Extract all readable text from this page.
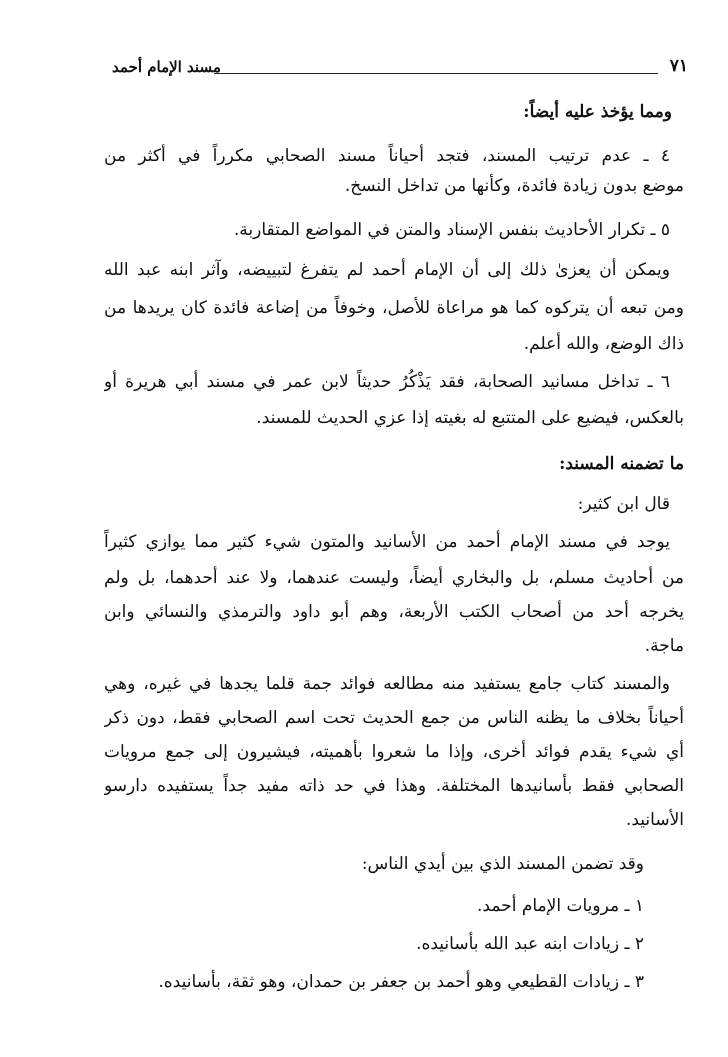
مسند الإمام أحمد	٧١
ومما يؤخذ عليه أيضاً:
٤ ـ عدم ترتيب المسند، فتجد أحياناً مسند الصحابي مكرراً في أكثر من
موضع بدون زيادة فائدة، وكأنها من تداخل النسخ.
٥ ـ تكرار الأحاديث بنفس الإسناد والمتن في المواضع المتقاربة.
ويمكن أن يعزىٰ ذلك إلى أن الإمام أحمد لم يتفرغ لتبييضه، وآثر ابنه عبد الله
ومن تبعه أن يتركوه كما هو مراعاة للأصل، وخوفاً من إضاعة فائدة كان يريدها من
ذاك الوضع، والله أعلم.
٦ ـ تداخل مسانيد الصحابة، فقد يَذْكُرُ حديثاً لابن عمر في مسند أبي هريرة أو
بالعكس، فيضيع على المتتبع له بغيته إذا عزي الحديث للمسند.
ما تضمنه المسند:
قال ابن كثير:
يوجد في مسند الإمام أحمد من الأسانيد والمتون شيء كثير مما يوازي كثيراً
من أحاديث مسلم، بل والبخاري أيضاً، وليست عندهما، ولا عند أحدهما، بل ولم
يخرجه أحد من أصحاب الكتب الأربعة، وهم أبو داود والترمذي والنسائي وابن
ماجة.
والمسند كتاب جامع يستفيد منه مطالعه فوائد جمة قلما يجدها في غيره، وهي
أحياناً بخلاف ما يظنه الناس من جمع الحديث تحت اسم الصحابي فقط، دون ذكر
أي شيء يقدم فوائد أخرى، وإذا ما شعروا بأهميته، فيشيرون إلى جمع مرويات
الصحابي فقط بأسانيدها المختلفة. وهذا في حد ذاته مفيد جداً يستفيده دارسو
الأسانيد.
وقد تضمن المسند الذي بين أيدي الناس:
١ ـ مرويات الإمام أحمد.
٢ ـ زيادات ابنه عبد الله بأسانيده.
٣ ـ زيادات القطيعي وهو أحمد بن جعفر بن حمدان، وهو ثقة، بأسانيده.
